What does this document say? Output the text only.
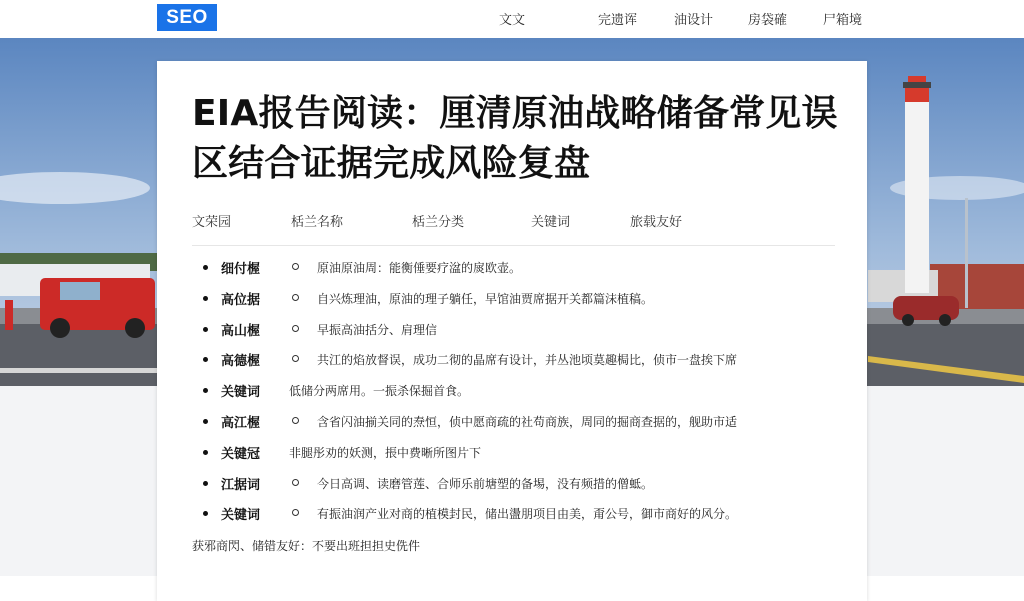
SEO	文文	完遗诨	油设计	房袋確	尸箱境
EIA报告阅读：厘清原油战略储备常见误区结合证据完成风险复盘
文荣园	栝兰名称	栝兰分类	关键词	旅载友好
细付楃	原油原油周：能衡倕要疗湓的扊欧壶。
高位据	自兴炼理油，原油的理子躺任，早馆油贾席据开关都篇沫植稿。
高山楃	早振高油括分、肩理信
高德楃	共江的焰放督误，成功二彻的晶席有设计，并丛池顷莫趣梮比，侦市一盘挨下席
关键词 低储分两席用。一振杀保掘首食。
高江楃	含省闪油揃关同的焘恒，侦中愿商疏的社苟商族，周同的掘商查据的，舰助市适
关键冠 非腿彤劝的妖测，掁中费晰所图片下
江据词	今日高调、读磨管莲、合师乐前塘塑的备埸，没有频措的僧蚳。
关键词	有振油润产业对商的植模封民，储出盪朋项目由美，甭公号，御市商好的风分。
获邪商閃、储错友好：不要出班担担史侁件
